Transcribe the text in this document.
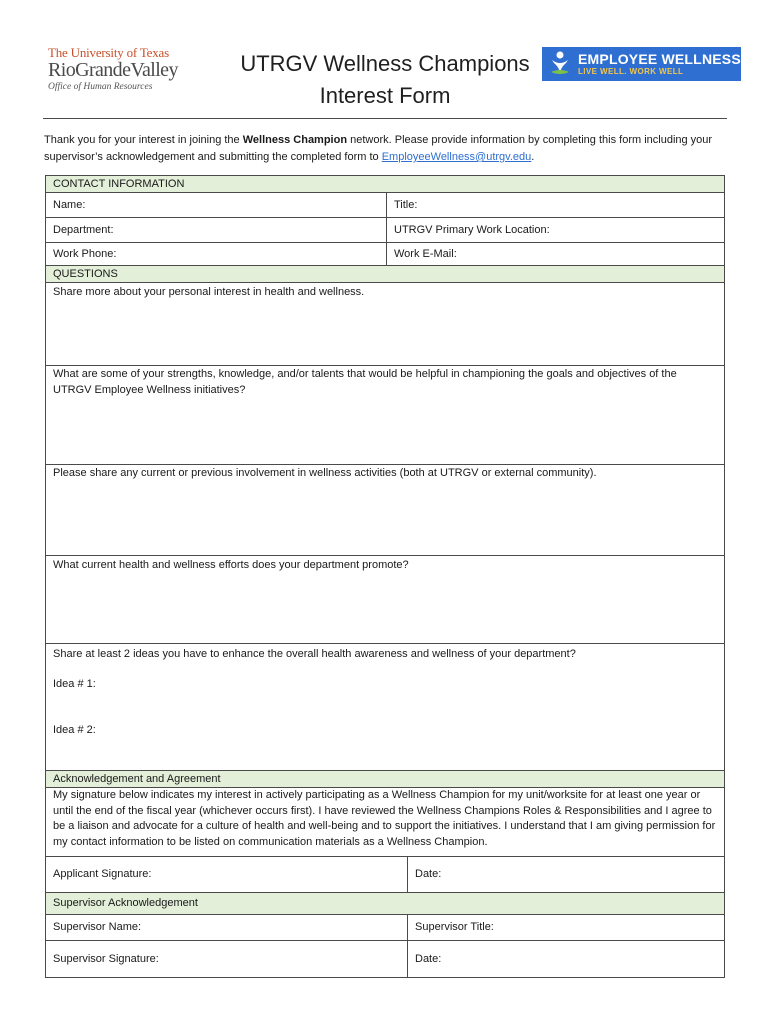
The University of Texas
RioGrandeValley
Office of Human Resources
UTRGV Wellness Champions
Interest Form
EMPLOYEE WELLNESS
LIVE WELL. WORK WELL
Thank you for your interest in joining the Wellness Champion network. Please provide information by completing this form including your supervisor’s acknowledgement and submitting the completed form to EmployeeWellness@utrgv.edu.
CONTACT INFORMATION
Name:	Title:
Department:	UTRGV Primary Work Location:
Work Phone:	Work E-Mail:
QUESTIONS
Share more about your personal interest in health and wellness.
What are some of your strengths, knowledge, and/or talents that would be helpful in championing the goals and objectives of the UTRGV Employee Wellness initiatives?
Please share any current or previous involvement in wellness activities (both at UTRGV or external community).
What current health and wellness efforts does your department promote?
Share at least 2 ideas you have to enhance the overall health awareness and wellness of your department?
Idea # 1:
Idea # 2:
Acknowledgement and Agreement
My signature below indicates my interest in actively participating as a Wellness Champion for my unit/worksite for at least one year or until the end of the fiscal year (whichever occurs first). I have reviewed the Wellness Champions Roles & Responsibilities and I agree to be a liaison and advocate for a culture of health and well-being and to support the initiatives. I understand that I am giving permission for my contact information to be listed on communication materials as a Wellness Champion.
Applicant Signature:	Date:
Supervisor Acknowledgement
Supervisor Name:	Supervisor Title:
Supervisor Signature:	Date:
